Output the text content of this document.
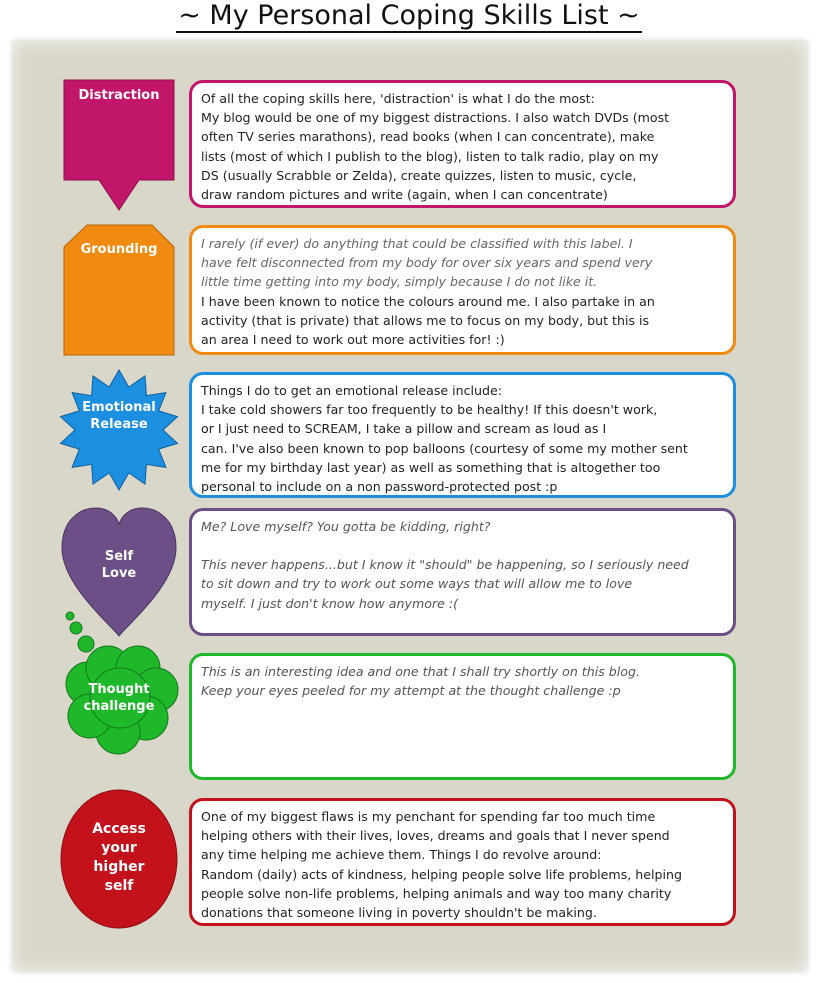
~ My Personal Coping Skills List ~
Distraction	Of all the coping skills here, 'distraction' is what I do the most:

My blog would be one of my biggest distractions. I also watch DVDs (most

often TV series marathons), read books (when I can concentrate), make

lists (most of which I publish to the blog), listen to talk radio, play on my

DS (usually Scrabble or Zelda), create quizzes, listen to music, cycle,

draw random pictures and write (again, when I can concentrate)

Grounding	I rarely (if ever) do anything that could be classified with this label. I

have felt disconnected from my body for over six years and spend very

little time getting into my body, simply because I do not like it.

I have been known to notice the colours around me. I also partake in an

activity (that is private) that allows me to focus on my body, but this is

an area I need to work out more activities for! :)

Emotional
Release

Things I do to get an emotional release include:

I take cold showers far too frequently to be healthy! If this doesn't work,

or I just need to SCREAM, I take a pillow and scream as loud as I

can. I've also been known to pop balloons (courtesy of some my mother sent

me for my birthday last year) as well as something that is altogether too

personal to include on a non password-protected post :p

Self
Love

Me? Love myself? You gotta be kidding, right?

This never happens...but I know it "should" be happening, so I seriously need

to sit down and try to work out some ways that will allow me to love

myself. I just don't know how anymore :(

Thought
challenge

This is an interesting idea and one that I shall try shortly on this blog.

Keep your eyes peeled for my attempt at the thought challenge :p

Access
your
higher
self

One of my biggest flaws is my penchant for spending far too much time

helping others with their lives, loves, dreams and goals that I never spend

any time helping me achieve them. Things I do revolve around:

Random (daily) acts of kindness, helping people solve life problems, helping

people solve non-life problems, helping animals and way too many charity

donations that someone living in poverty shouldn't be making.
